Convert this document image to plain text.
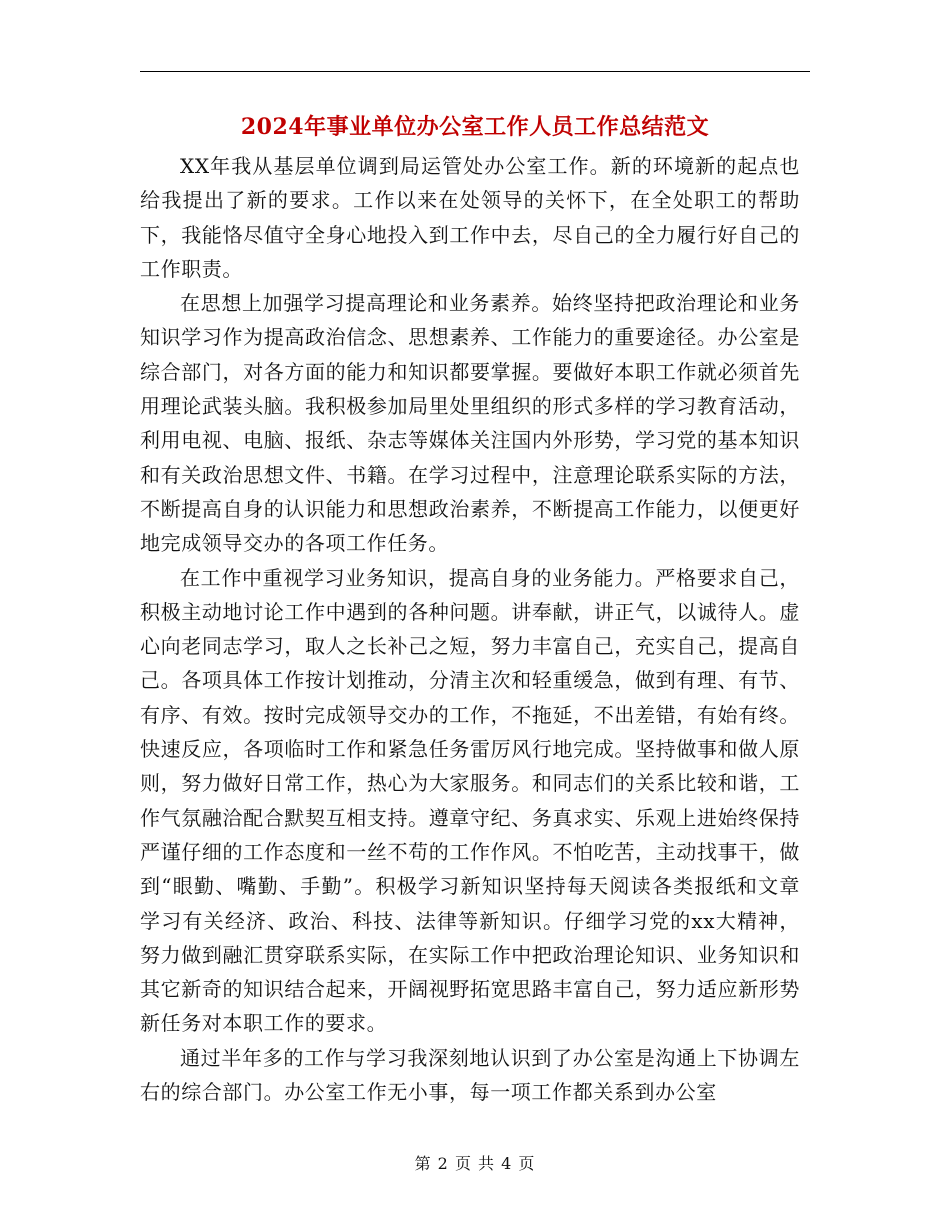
2024年事业单位办公室工作人员工作总结范文

XX年我从基层单位调到局运管处办公室工作。新的环境新的起点也给我提出了新的要求。工作以来在处领导的关怀下，在全处职工的帮助下，我能恪尽值守全身心地投入到工作中去，尽自己的全力履行好自己的工作职责。

在思想上加强学习提高理论和业务素养。始终坚持把政治理论和业务知识学习作为提高政治信念、思想素养、工作能力的重要途径。办公室是综合部门，对各方面的能力和知识都要掌握。要做好本职工作就必须首先用理论武装头脑。我积极参加局里处里组织的形式多样的学习教育活动，利用电视、电脑、报纸、杂志等媒体关注国内外形势，学习党的基本知识和有关政治思想文件、书籍。在学习过程中，注意理论联系实际的方法，不断提高自身的认识能力和思想政治素养，不断提高工作能力，以便更好地完成领导交办的各项工作任务。

在工作中重视学习业务知识，提高自身的业务能力。严格要求自己，积极主动地讨论工作中遇到的各种问题。讲奉献，讲正气，以诚待人。虚心向老同志学习，取人之长补己之短，努力丰富自己，充实自己，提高自己。各项具体工作按计划推动，分清主次和轻重缓急，做到有理、有节、有序、有效。按时完成领导交办的工作，不拖延，不出差错，有始有终。快速反应，各项临时工作和紧急任务雷厉风行地完成。坚持做事和做人原则，努力做好日常工作，热心为大家服务。和同志们的关系比较和谐，工作气氛融洽配合默契互相支持。遵章守纪、务真求实、乐观上进始终保持严谨仔细的工作态度和一丝不苟的工作作风。不怕吃苦，主动找事干，做到“眼勤、嘴勤、手勤”。积极学习新知识坚持每天阅读各类报纸和文章学习有关经济、政治、科技、法律等新知识。仔细学习党的xx大精神，努力做到融汇贯穿联系实际，在实际工作中把政治理论知识、业务知识和其它新奇的知识结合起来，开阔视野拓宽思路丰富自己，努力适应新形势新任务对本职工作的要求。

通过半年多的工作与学习我深刻地认识到了办公室是沟通上下协调左右的综合部门。办公室工作无小事，每一项工作都关系到办公室

第 2 页 共 4 页
